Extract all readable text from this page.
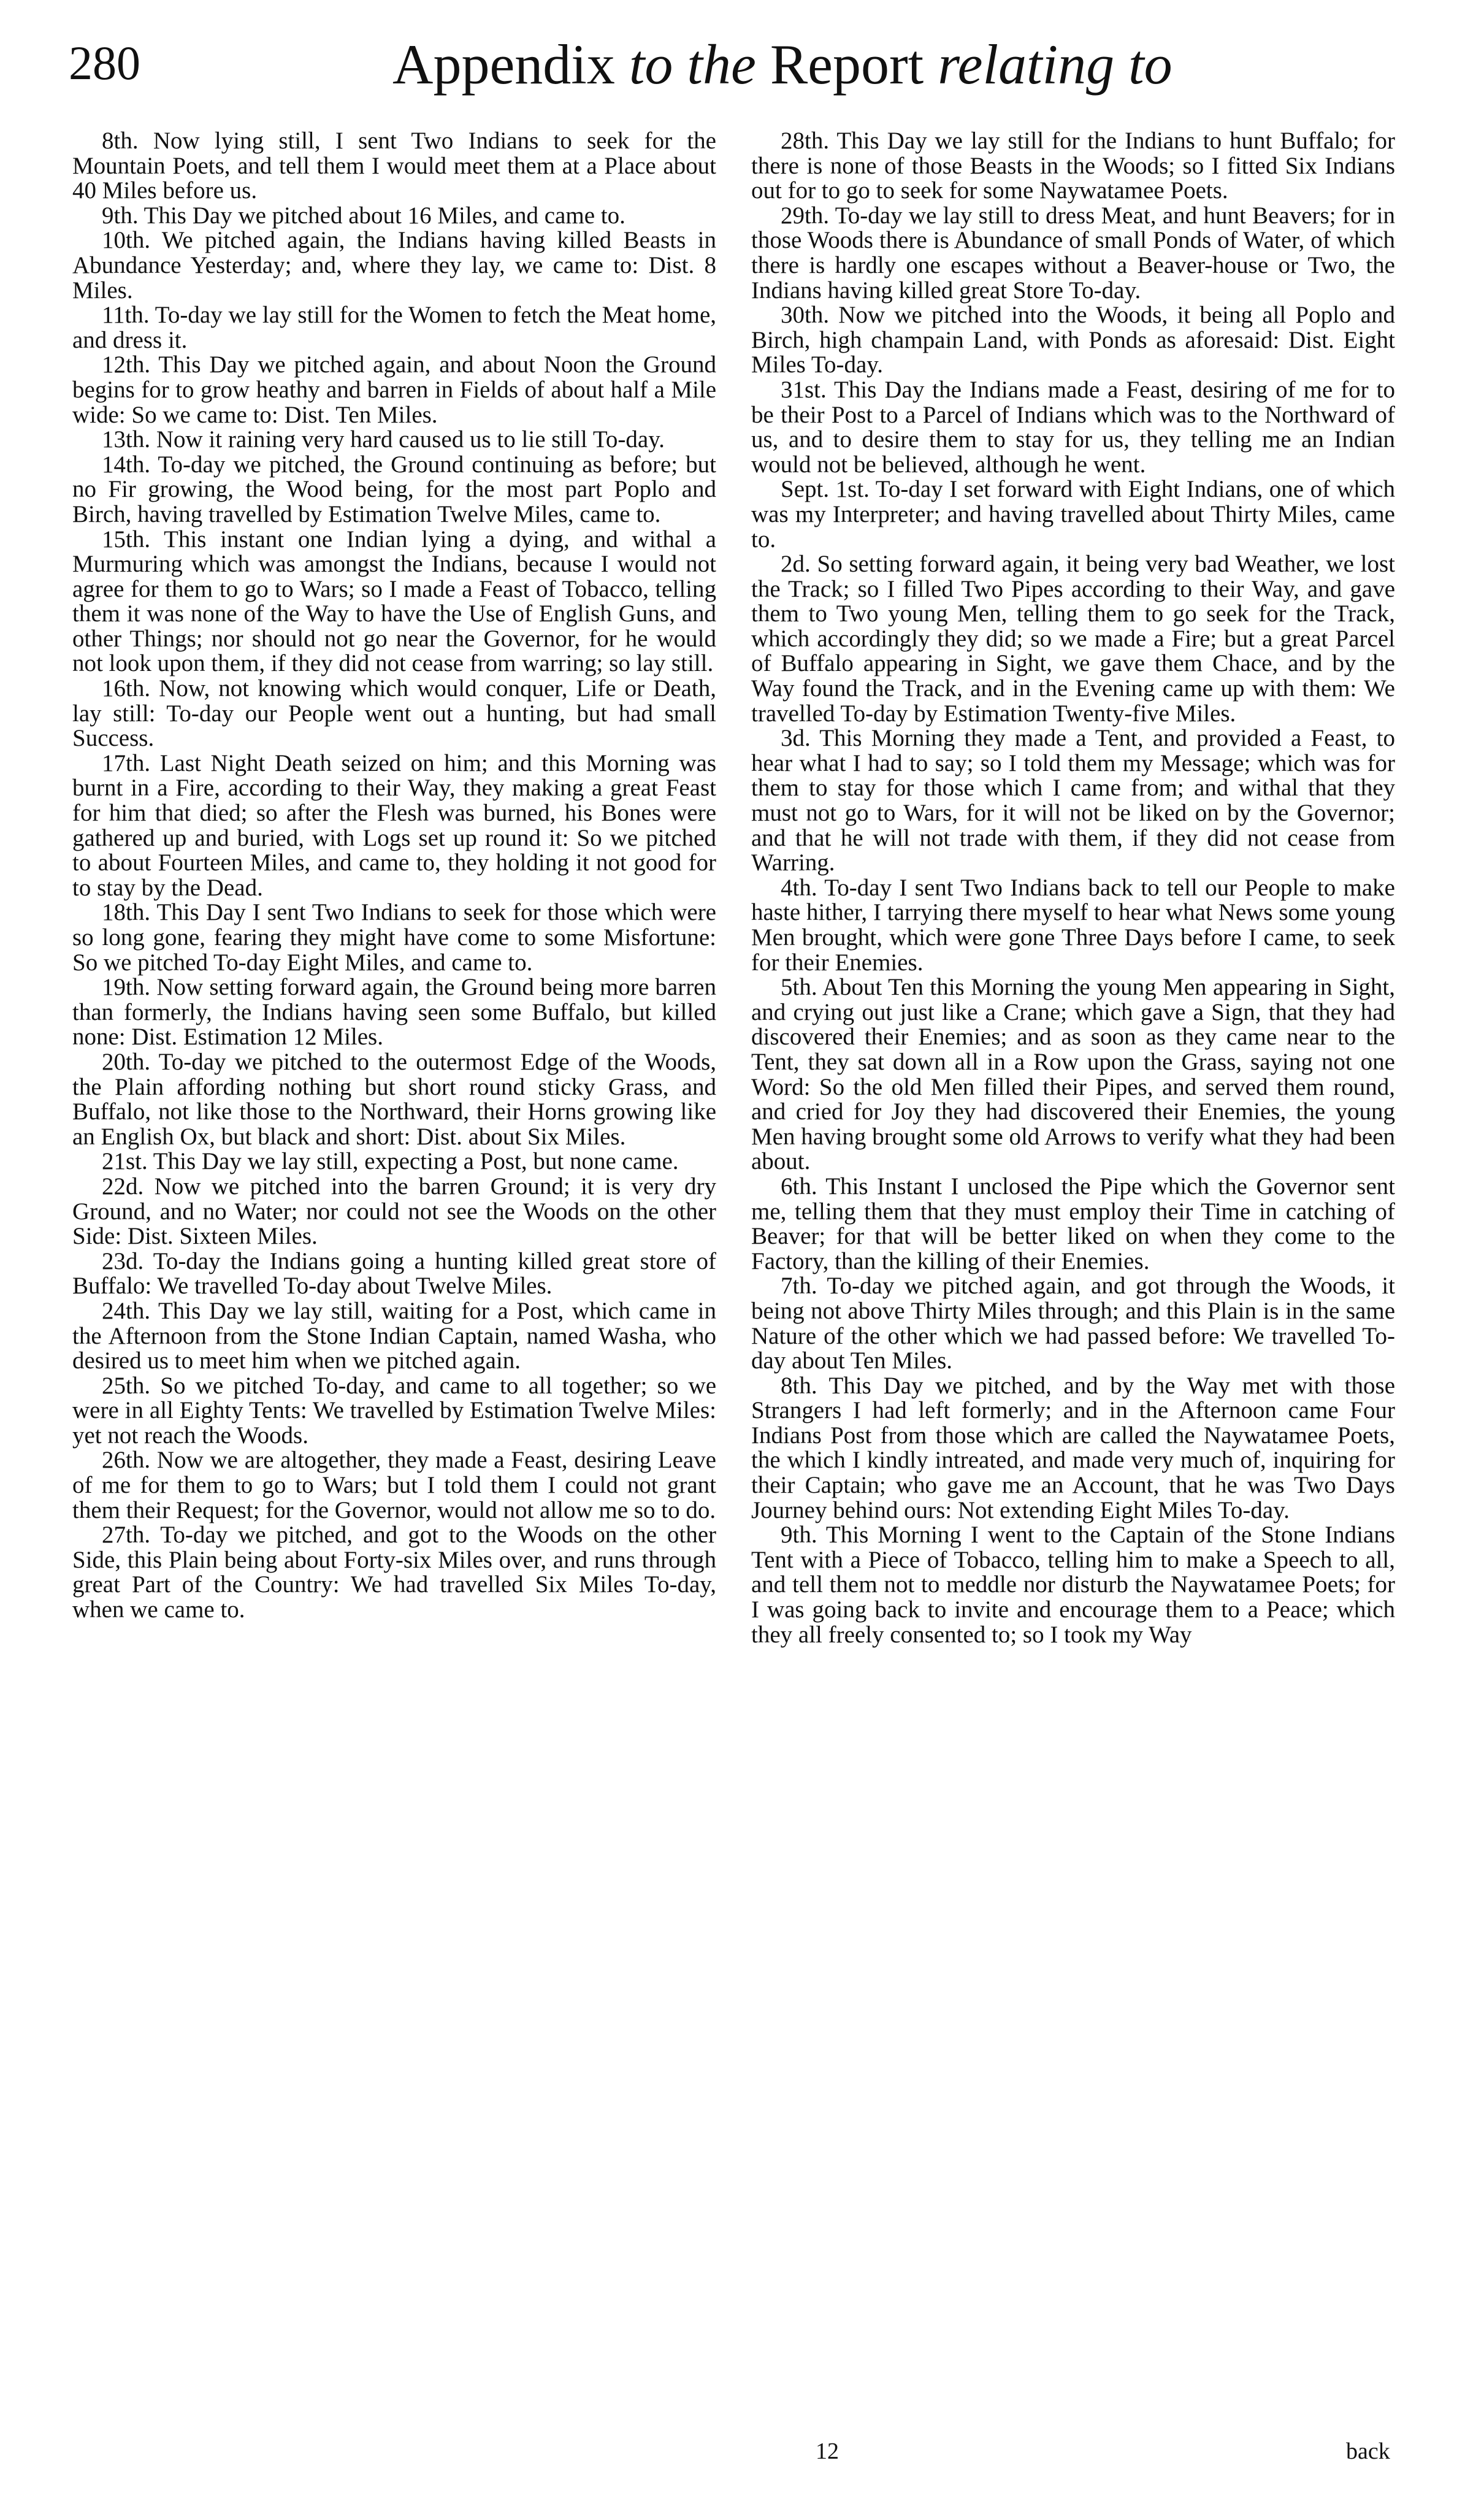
280	Appendix to the Report relating to

8th. Now lying still, I sent Two Indians to seek for the Mountain Poets, and tell them I would meet them at a Place about 40 Miles before us.

9th. This Day we pitched about 16 Miles, and came to.

10th. We pitched again, the Indians having killed Beasts in Abundance Yesterday; and, where they lay, we came to: Dist. 8 Miles.

11th. To-day we lay still for the Women to fetch the Meat home, and dress it.

12th. This Day we pitched again, and about Noon the Ground begins for to grow heathy and barren in Fields of about half a Mile wide: So we came to: Dist. Ten Miles.

13th. Now it raining very hard caused us to lie still To-day.

14th. To-day we pitched, the Ground continuing as before; but no Fir growing, the Wood being, for the most part Poplo and Birch, having travelled by Estimation Twelve Miles, came to.

15th. This instant one Indian lying a dying, and withal a Murmuring which was amongst the Indians, because I would not agree for them to go to Wars; so I made a Feast of Tobacco, telling them it was none of the Way to have the Use of English Guns, and other Things; nor should not go near the Governor, for he would not look upon them, if they did not cease from warring; so lay still.

16th. Now, not knowing which would conquer, Life or Death, lay still: To-day our People went out a hunting, but had small Success.

17th. Last Night Death seized on him; and this Morning was burnt in a Fire, according to their Way, they making a great Feast for him that died; so after the Flesh was burned, his Bones were gathered up and buried, with Logs set up round it: So we pitched to about Fourteen Miles, and came to, they holding it not good for to stay by the Dead.

18th. This Day I sent Two Indians to seek for those which were so long gone, fearing they might have come to some Misfortune: So we pitched To-day Eight Miles, and came to.

19th. Now setting forward again, the Ground being more barren than formerly, the Indians having seen some Buffalo, but killed none: Dist. Estimation 12 Miles.

20th. To-day we pitched to the outermost Edge of the Woods, the Plain affording nothing but short round sticky Grass, and Buffalo, not like those to the Northward, their Horns growing like an English Ox, but black and short: Dist. about Six Miles.

21st. This Day we lay still, expecting a Post, but none came.

22d. Now we pitched into the barren Ground; it is very dry Ground, and no Water; nor could not see the Woods on the other Side: Dist. Sixteen Miles.

23d. To-day the Indians going a hunting killed great store of Buffalo: We travelled To-day about Twelve Miles.

24th. This Day we lay still, waiting for a Post, which came in the Afternoon from the Stone Indian Captain, named Washa, who desired us to meet him when we pitched again.

25th. So we pitched To-day, and came to all together; so we were in all Eighty Tents: We travelled by Estimation Twelve Miles: yet not reach the Woods.

26th. Now we are altogether, they made a Feast, desiring Leave of me for them to go to Wars; but I told them I could not grant them their Request; for the Governor, would not allow me so to do.

27th. To-day we pitched, and got to the Woods on the other Side, this Plain being about Forty-six Miles over, and runs through great Part of the Country: We had travelled Six Miles To-day, when we came to.

28th. This Day we lay still for the Indians to hunt Buffalo; for there is none of those Beasts in the Woods; so I fitted Six Indians out for to go to seek for some Naywatamee Poets.

29th. To-day we lay still to dress Meat, and hunt Beavers; for in those Woods there is Abundance of small Ponds of Water, of which there is hardly one escapes without a Beaver-house or Two, the Indians having killed great Store To-day.

30th. Now we pitched into the Woods, it being all Poplo and Birch, high champain Land, with Ponds as aforesaid: Dist. Eight Miles To-day.

31st. This Day the Indians made a Feast, desiring of me for to be their Post to a Parcel of Indians which was to the Northward of us, and to desire them to stay for us, they telling me an Indian would not be believed, although he went.

Sept. 1st. To-day I set forward with Eight Indians, one of which was my Interpreter; and having travelled about Thirty Miles, came to.

2d. So setting forward again, it being very bad Weather, we lost the Track; so I filled Two Pipes according to their Way, and gave them to Two young Men, telling them to go seek for the Track, which accordingly they did; so we made a Fire; but a great Parcel of Buffalo appearing in Sight, we gave them Chace, and by the Way found the Track, and in the Evening came up with them: We travelled To-day by Estimation Twenty-five Miles.

3d. This Morning they made a Tent, and provided a Feast, to hear what I had to say; so I told them my Message; which was for them to stay for those which I came from; and withal that they must not go to Wars, for it will not be liked on by the Governor; and that he will not trade with them, if they did not cease from Warring.

4th. To-day I sent Two Indians back to tell our People to make haste hither, I tarrying there myself to hear what News some young Men brought, which were gone Three Days before I came, to seek for their Enemies.

5th. About Ten this Morning the young Men appearing in Sight, and crying out just like a Crane; which gave a Sign, that they had discovered their Enemies; and as soon as they came near to the Tent, they sat down all in a Row upon the Grass, saying not one Word: So the old Men filled their Pipes, and served them round, and cried for Joy they had discovered their Enemies, the young Men having brought some old Arrows to verify what they had been about.

6th. This Instant I unclosed the Pipe which the Governor sent me, telling them that they must employ their Time in catching of Beaver; for that will be better liked on when they come to the Factory, than the killing of their Enemies.

7th. To-day we pitched again, and got through the Woods, it being not above Thirty Miles through; and this Plain is in the same Nature of the other which we had passed before: We travelled To-day about Ten Miles.

8th. This Day we pitched, and by the Way met with those Strangers I had left formerly; and in the Afternoon came Four Indians Post from those which are called the Naywatamee Poets, the which I kindly intreated, and made very much of, inquiring for their Captain; who gave me an Account, that he was Two Days Journey behind ours: Not extending Eight Miles To-day.

9th. This Morning I went to the Captain of the Stone Indians Tent with a Piece of Tobacco, telling him to make a Speech to all, and tell them not to meddle nor disturb the Naywatamee Poets; for I was going back to invite and encourage them to a Peace; which they all freely consented to; so I took my Way

12	back
